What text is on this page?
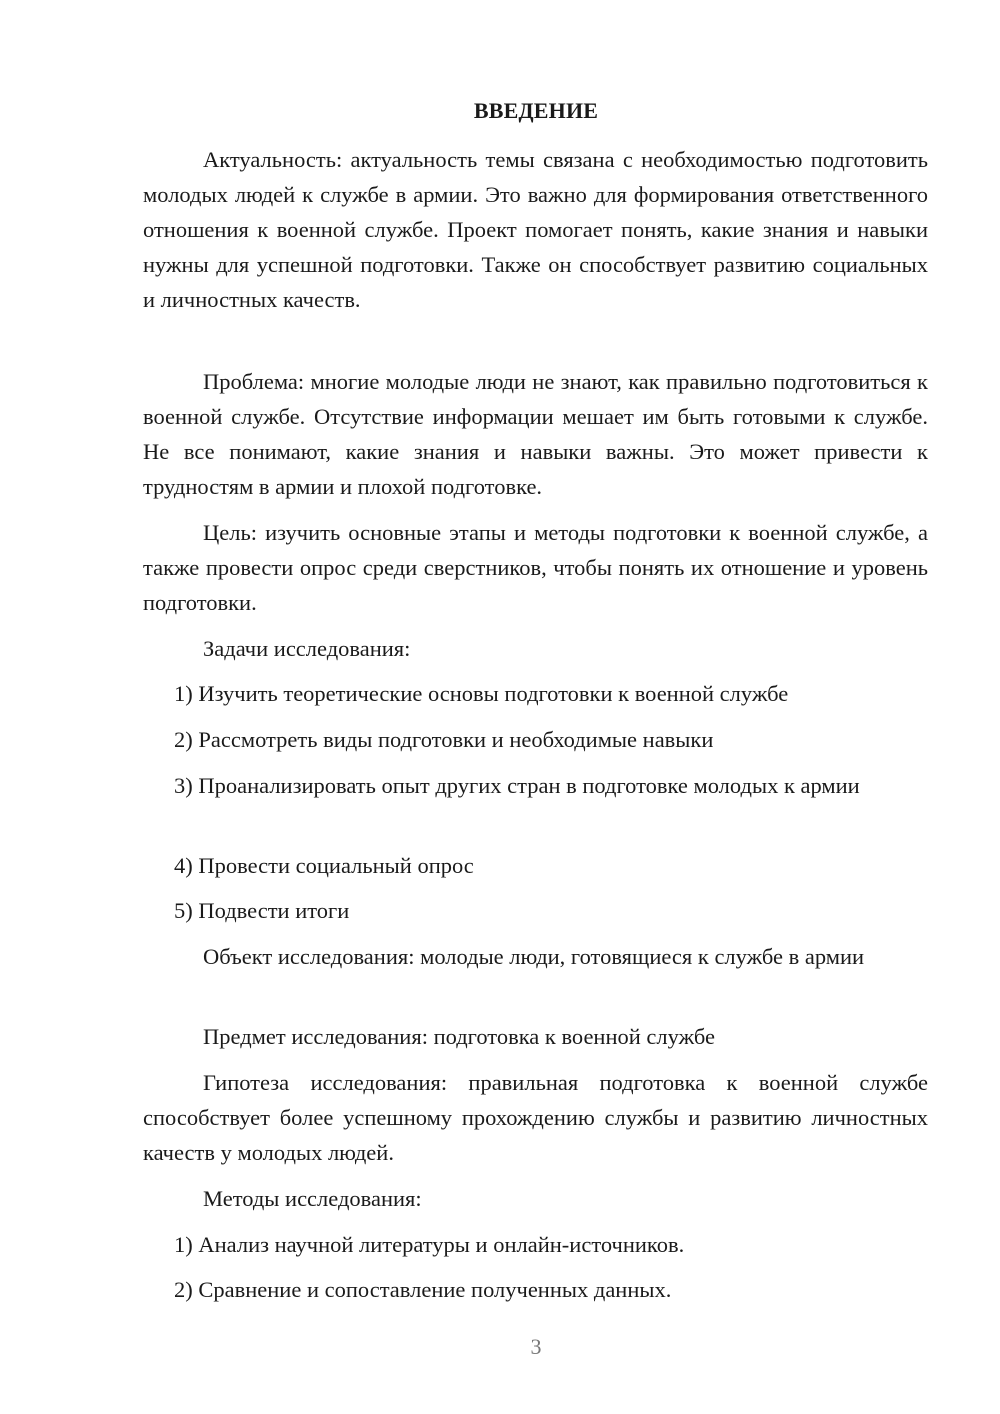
ВВЕДЕНИЕ

Актуальность: актуальность темы связана с необходимостью подготовить молодых людей к службе в армии. Это важно для формирования ответственного отношения к военной службе. Проект помогает понять, какие знания и навыки нужны для успешной подготовки. Также он способствует развитию социальных и личностных качеств.

Проблема: многие молодые люди не знают, как правильно подготовиться к военной службе. Отсутствие информации мешает им быть готовыми к службе. Не все понимают, какие знания и навыки важны. Это может привести к трудностям в армии и плохой подготовке.

Цель: изучить основные этапы и методы подготовки к военной службе, а также провести опрос среди сверстников, чтобы понять их отношение и уровень подготовки.

Задачи исследования:

1) Изучить теоретические основы подготовки к военной службе

2) Рассмотреть виды подготовки и необходимые навыки

3) Проанализировать опыт других стран в подготовке молодых к армии

4) Провести социальный опрос

5) Подвести итоги

Объект исследования: молодые люди, готовящиеся к службе в армии

Предмет исследования: подготовка к военной службе

Гипотеза исследования: правильная подготовка к военной службе способствует более успешному прохождению службы и развитию личностных качеств у молодых людей.

Методы исследования:

1) Анализ научной литературы и онлайн-источников.

2) Сравнение и сопоставление полученных данных.

3
